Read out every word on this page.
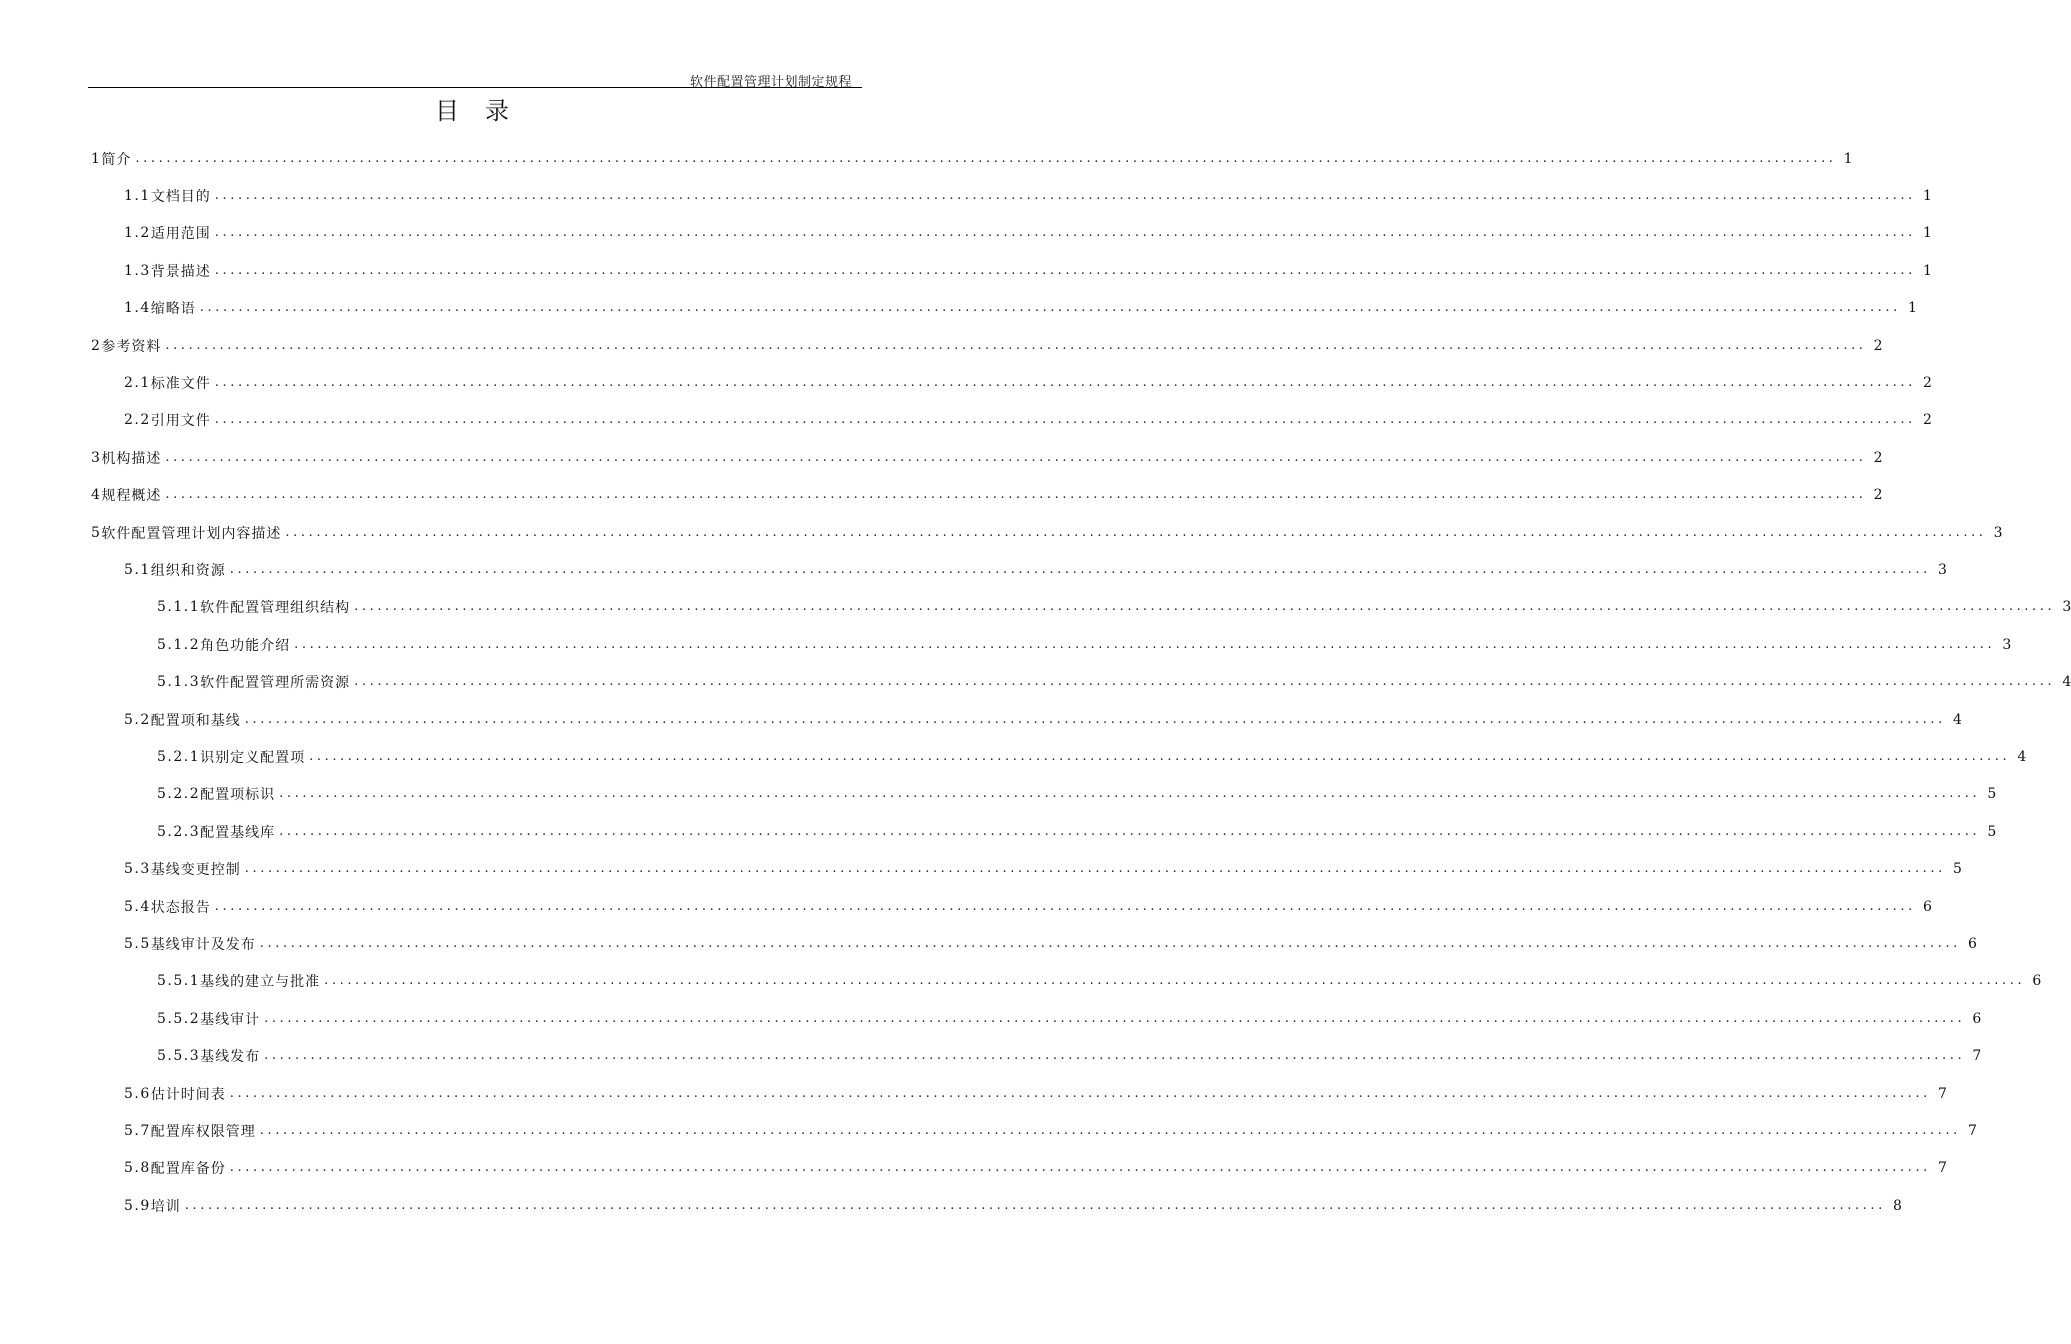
软件配置管理计划制定规程
目 录
1 简介 ............................................................................................................................................................................................................................ 1
1.1 文档目的 ............................................................................................................................................................................................................................ 1
1.2 适用范围 ............................................................................................................................................................................................................................ 1
1.3 背景描述 ............................................................................................................................................................................................................................ 1
1.4 缩略语 ............................................................................................................................................................................................................................ 1
2 参考资料 ............................................................................................................................................................................................................................ 2
2.1 标准文件 ............................................................................................................................................................................................................................ 2
2.2 引用文件 ............................................................................................................................................................................................................................ 2
3 机构描述 ............................................................................................................................................................................................................................ 2
4 规程概述 ............................................................................................................................................................................................................................ 2
5 软件配置管理计划内容描述 ............................................................................................................................................................................................................................ 3
5.1 组织和资源 ............................................................................................................................................................................................................................ 3
5.1.1 软件配置管理组织结构 ............................................................................................................................................................................................................................ 3
5.1.2 角色功能介绍 ............................................................................................................................................................................................................................ 3
5.1.3 软件配置管理所需资源 ............................................................................................................................................................................................................................ 4
5.2 配置项和基线 ............................................................................................................................................................................................................................ 4
5.2.1 识别定义配置项 ............................................................................................................................................................................................................................ 4
5.2.2 配置项标识 ............................................................................................................................................................................................................................ 5
5.2.3 配置基线库 ............................................................................................................................................................................................................................ 5
5.3 基线变更控制 ............................................................................................................................................................................................................................ 5
5.4 状态报告 ............................................................................................................................................................................................................................ 6
5.5 基线审计及发布 ............................................................................................................................................................................................................................ 6
5.5.1 基线的建立与批准 ............................................................................................................................................................................................................................ 6
5.5.2 基线审计 ............................................................................................................................................................................................................................ 6
5.5.3 基线发布 ............................................................................................................................................................................................................................ 7
5.6 估计时间表 ............................................................................................................................................................................................................................ 7
5.7 配置库权限管理 ............................................................................................................................................................................................................................ 7
5.8 配置库备份 ............................................................................................................................................................................................................................ 7
5.9 培训 ............................................................................................................................................................................................................................ 8
